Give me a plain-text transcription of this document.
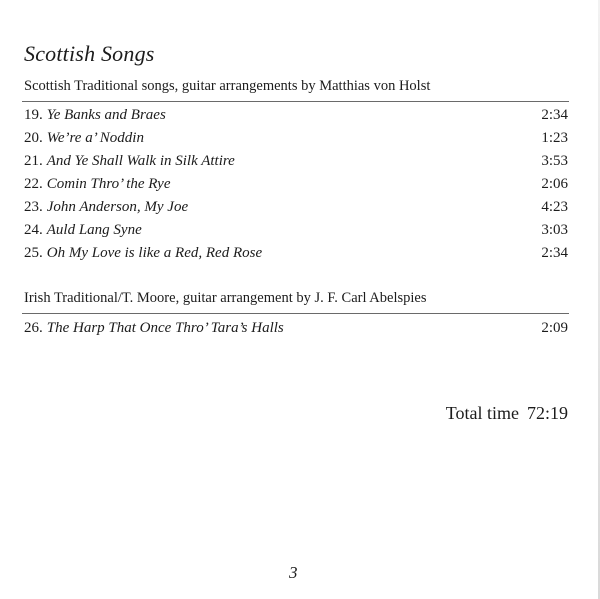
Scottish Songs
Scottish Traditional songs, guitar arrangements by Matthias von Holst
19. Ye Banks and Braes	2:34
20. We’re a’ Noddin	1:23
21. And Ye Shall Walk in Silk Attire	3:53
22. Comin Thro’ the Rye	2:06
23. John Anderson, My Joe	4:23
24. Auld Lang Syne	3:03
25. Oh My Love is like a Red, Red Rose	2:34
Irish Traditional/T. Moore, guitar arrangement by J. F. Carl Abelspies
26. The Harp That Once Thro’ Tara’s Halls	2:09
Total time 72:19
3
